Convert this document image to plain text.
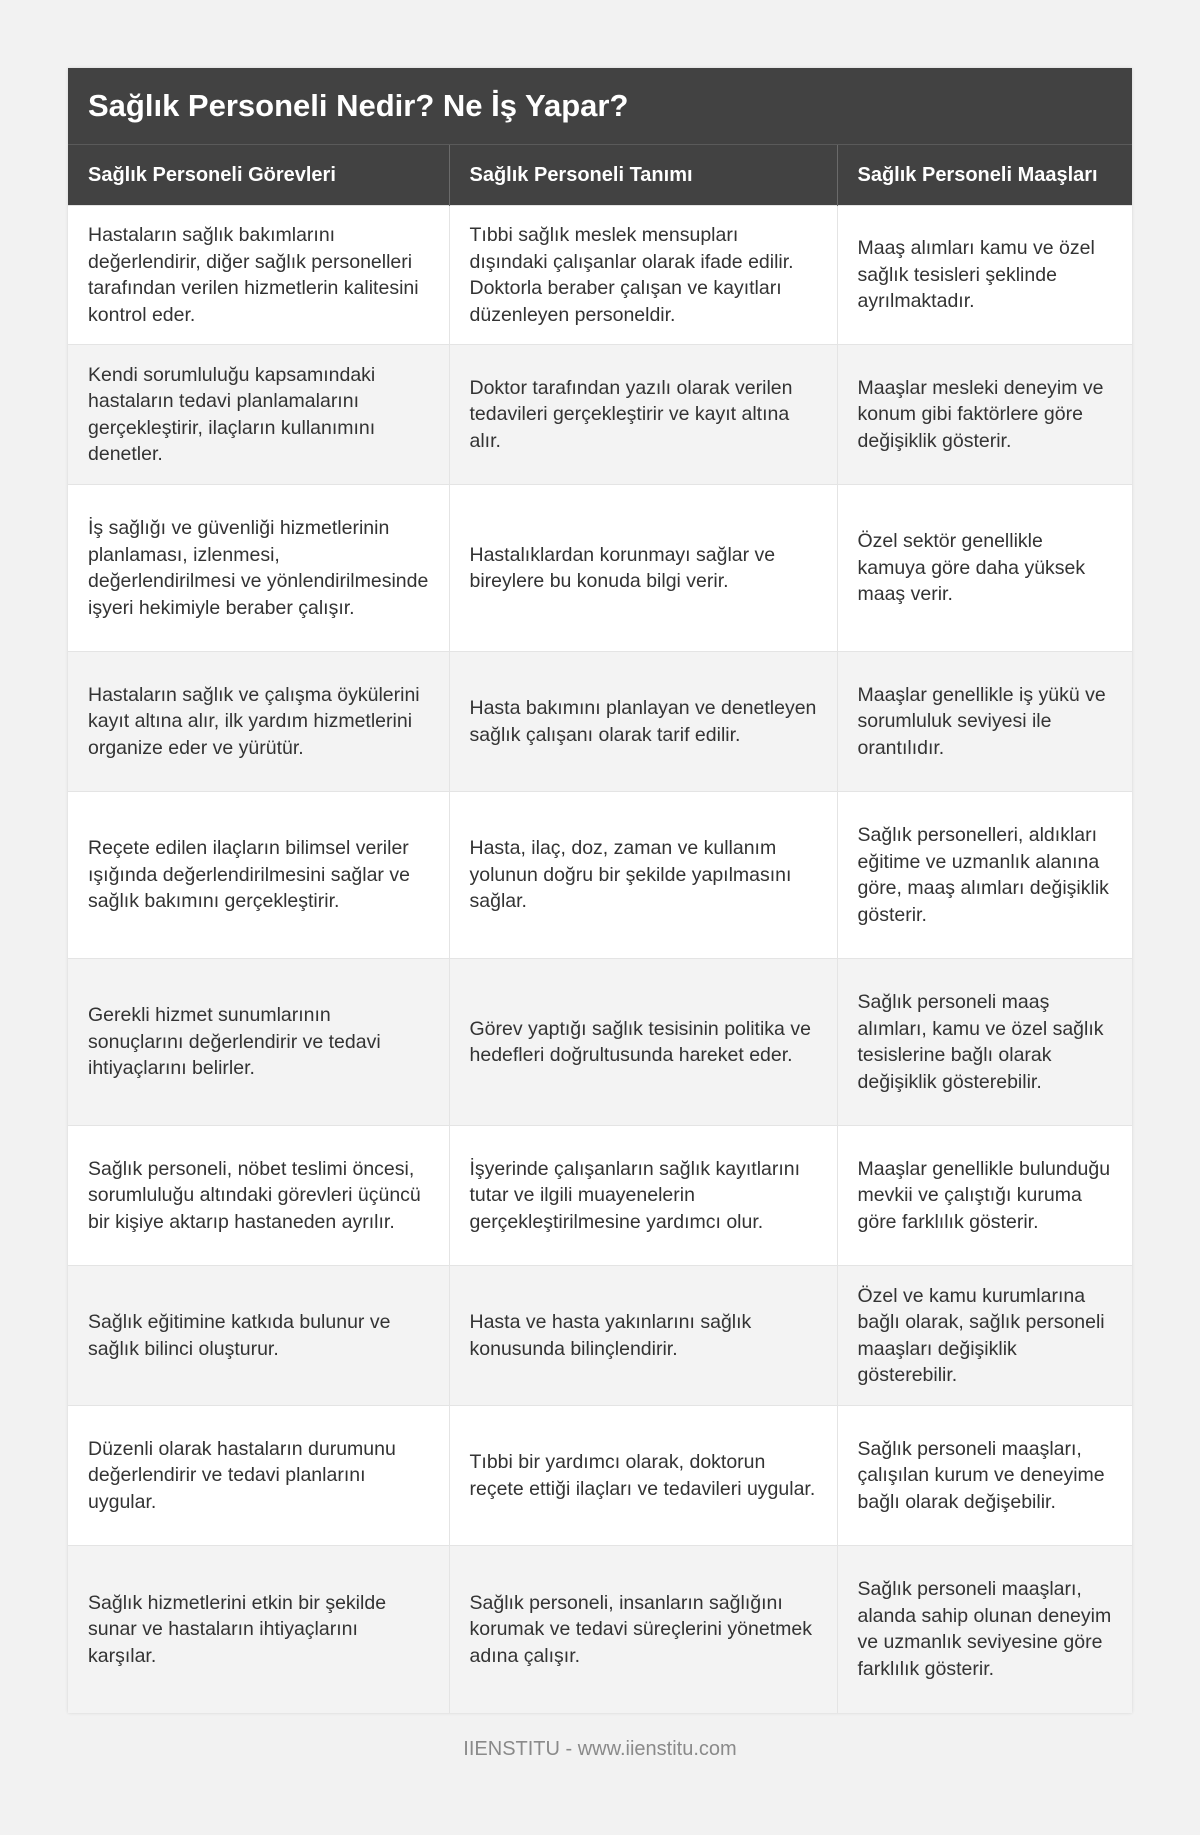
Sağlık Personeli Nedir? Ne İş Yapar?
Sağlık Personeli Görevleri	Sağlık Personeli Tanımı	Sağlık Personeli Maaşları
Hastaların sağlık bakımlarını değerlendirir, diğer sağlık personelleri tarafından verilen hizmetlerin kalitesini kontrol eder.	Tıbbi sağlık meslek mensupları dışındaki çalışanlar olarak ifade edilir. Doktorla beraber çalışan ve kayıtları düzenleyen personeldir.	Maaş alımları kamu ve özel sağlık tesisleri şeklinde ayrılmaktadır.
Kendi sorumluluğu kapsamındaki hastaların tedavi planlamalarını gerçekleştirir, ilaçların kullanımını denetler.	Doktor tarafından yazılı olarak verilen tedavileri gerçekleştirir ve kayıt altına alır.	Maaşlar mesleki deneyim ve konum gibi faktörlere göre değişiklik gösterir.
İş sağlığı ve güvenliği hizmetlerinin planlaması, izlenmesi, değerlendirilmesi ve yönlendirilmesinde işyeri hekimiyle beraber çalışır.	Hastalıklardan korunmayı sağlar ve bireylere bu konuda bilgi verir.	Özel sektör genellikle kamuya göre daha yüksek maaş verir.
Hastaların sağlık ve çalışma öykülerini kayıt altına alır, ilk yardım hizmetlerini organize eder ve yürütür.	Hasta bakımını planlayan ve denetleyen sağlık çalışanı olarak tarif edilir.	Maaşlar genellikle iş yükü ve sorumluluk seviyesi ile orantılıdır.
Reçete edilen ilaçların bilimsel veriler ışığında değerlendirilmesini sağlar ve sağlık bakımını gerçekleştirir.	Hasta, ilaç, doz, zaman ve kullanım yolunun doğru bir şekilde yapılmasını sağlar.	Sağlık personelleri, aldıkları eğitime ve uzmanlık alanına göre, maaş alımları değişiklik gösterir.
Gerekli hizmet sunumlarının sonuçlarını değerlendirir ve tedavi ihtiyaçlarını belirler.	Görev yaptığı sağlık tesisinin politika ve hedefleri doğrultusunda hareket eder.	Sağlık personeli maaş alımları, kamu ve özel sağlık tesislerine bağlı olarak değişiklik gösterebilir.
Sağlık personeli, nöbet teslimi öncesi, sorumluluğu altındaki görevleri üçüncü bir kişiye aktarıp hastaneden ayrılır.	İşyerinde çalışanların sağlık kayıtlarını tutar ve ilgili muayenelerin gerçekleştirilmesine yardımcı olur.	Maaşlar genellikle bulunduğu mevkii ve çalıştığı kuruma göre farklılık gösterir.
Sağlık eğitimine katkıda bulunur ve sağlık bilinci oluşturur.	Hasta ve hasta yakınlarını sağlık konusunda bilinçlendirir.	Özel ve kamu kurumlarına bağlı olarak, sağlık personeli maaşları değişiklik gösterebilir.
Düzenli olarak hastaların durumunu değerlendirir ve tedavi planlarını uygular.	Tıbbi bir yardımcı olarak, doktorun reçete ettiği ilaçları ve tedavileri uygular.	Sağlık personeli maaşları, çalışılan kurum ve deneyime bağlı olarak değişebilir.
Sağlık hizmetlerini etkin bir şekilde sunar ve hastaların ihtiyaçlarını karşılar.	Sağlık personeli, insanların sağlığını korumak ve tedavi süreçlerini yönetmek adına çalışır.	Sağlık personeli maaşları, alanda sahip olunan deneyim ve uzmanlık seviyesine göre farklılık gösterir.
IIENSTITU - www.iienstitu.com
